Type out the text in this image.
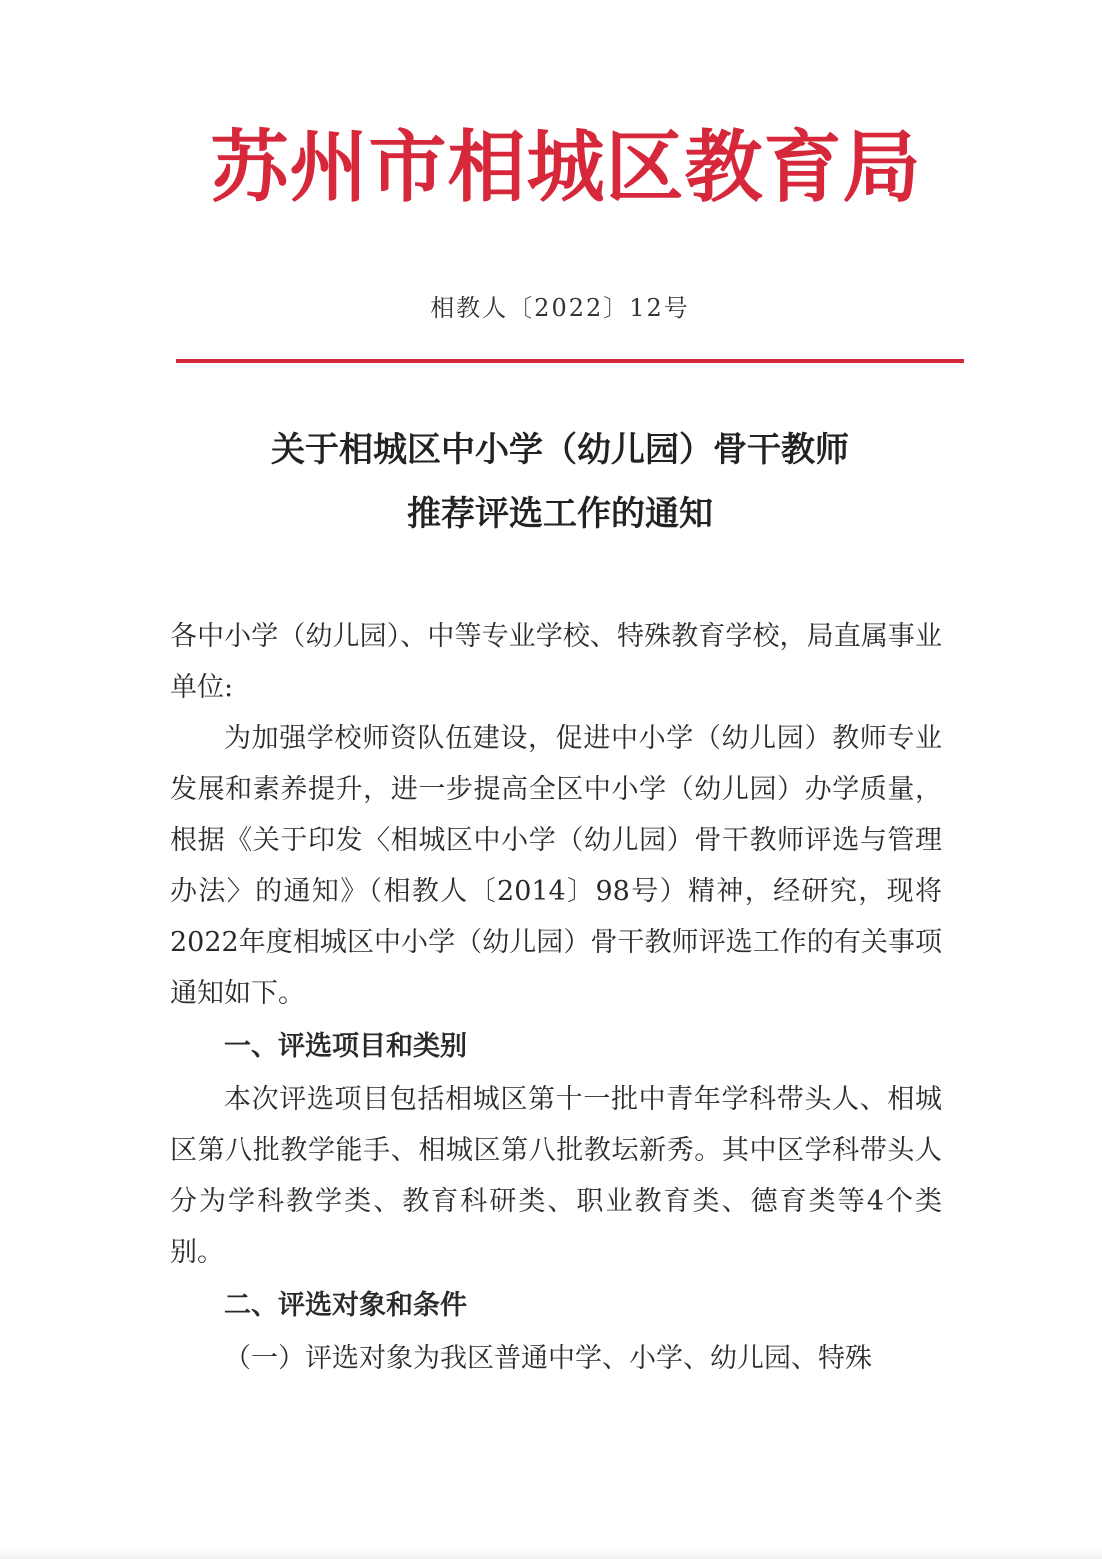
苏州市相城区教育局
相教人〔2022〕12号
关于相城区中小学（幼儿园）骨干教师
推荐评选工作的通知

各中小学（幼儿园）、中等专业学校、特殊教育学校，局直属事业单位:

为加强学校师资队伍建设，促进中小学（幼儿园）教师专业发展和素养提升，进一步提高全区中小学（幼儿园）办学质量，根据《关于印发〈相城区中小学（幼儿园）骨干教师评选与管理办法〉的通知》（相教人〔2014〕98号）精神，经研究，现将2022年度相城区中小学（幼儿园）骨干教师评选工作的有关事项通知如下。

一、评选项目和类别

本次评选项目包括相城区第十一批中青年学科带头人、相城区第八批教学能手、相城区第八批教坛新秀。其中区学科带头人分为学科教学类、教育科研类、职业教育类、德育类等4个类别。

二、评选对象和条件

（一）评选对象为我区普通中学、小学、幼儿园、特殊
